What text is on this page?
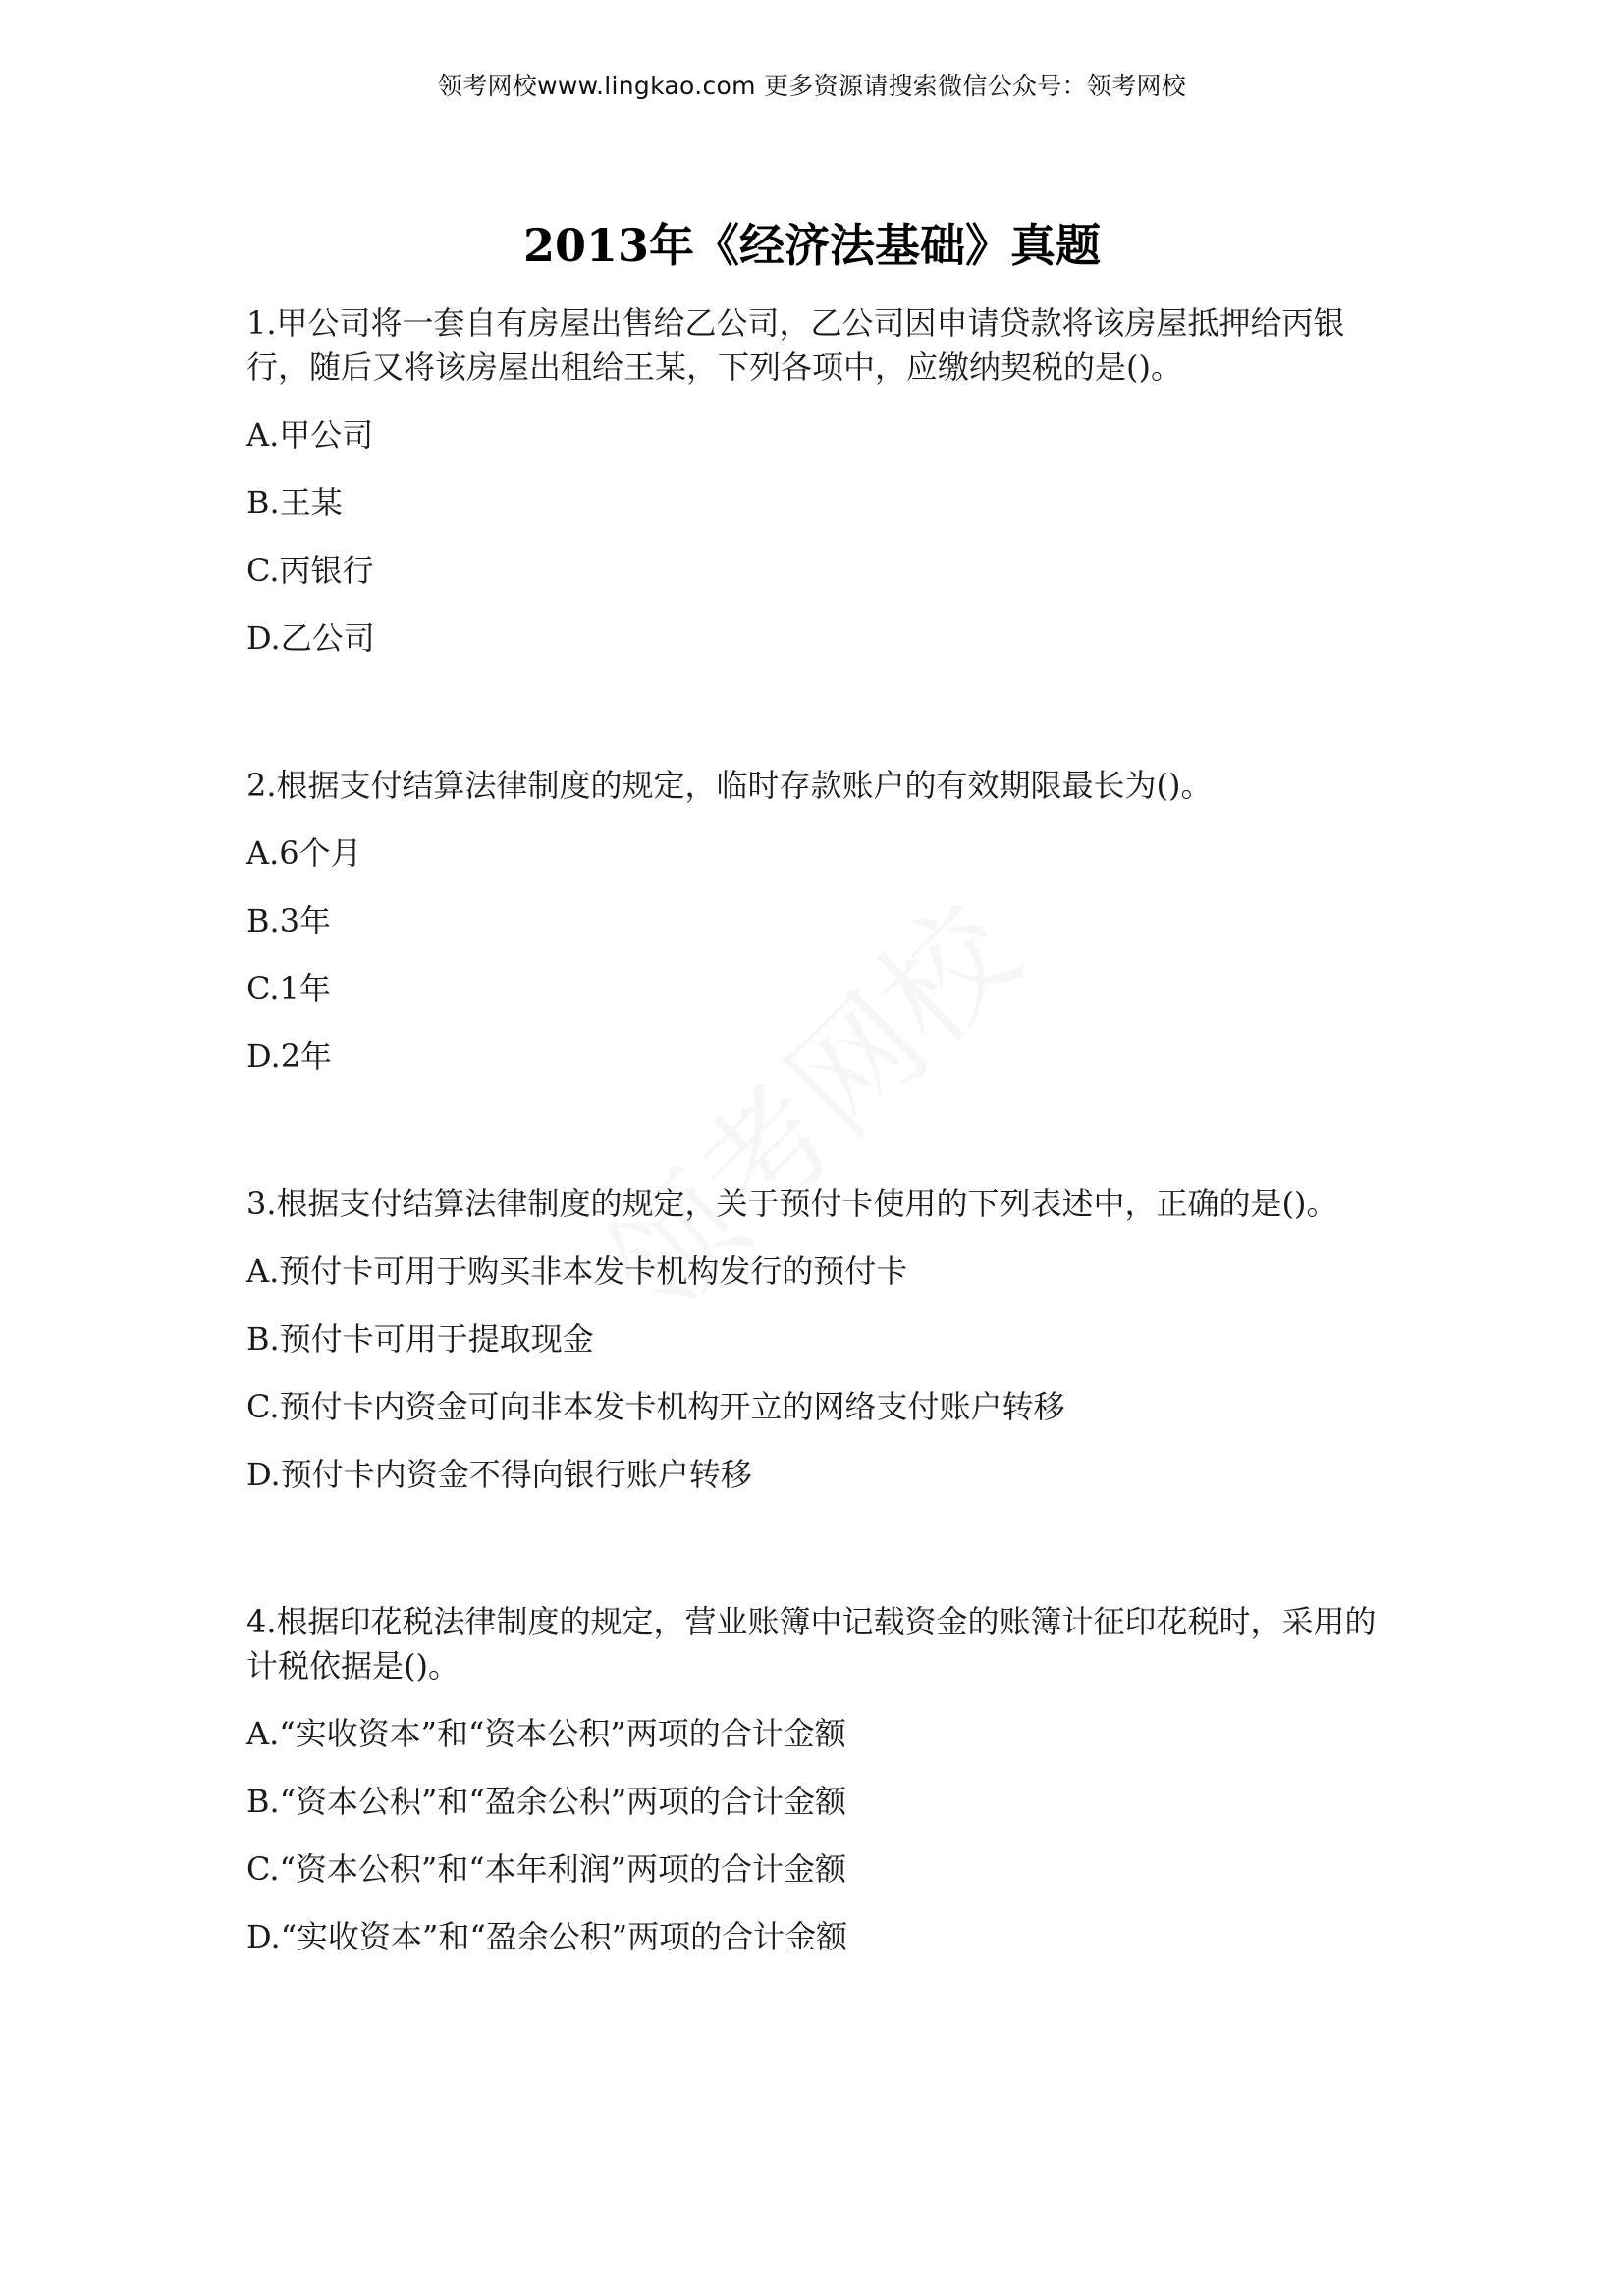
领考网校www.lingkao.com 更多资源请搜索微信公众号：领考网校
2013年《经济法基础》真题

1.甲公司将一套自有房屋出售给乙公司，乙公司因申请贷款将该房屋抵押给丙银行，随后又将该房屋出租给王某，下列各项中，应缴纳契税的是()。

A.甲公司
B.王某
C.丙银行
D.乙公司

2.根据支付结算法律制度的规定，临时存款账户的有效期限最长为()。

A.6个月
B.3年
C.1年
D.2年

3.根据支付结算法律制度的规定，关于预付卡使用的下列表述中，正确的是()。

A.预付卡可用于购买非本发卡机构发行的预付卡
B.预付卡可用于提取现金
C.预付卡内资金可向非本发卡机构开立的网络支付账户转移
D.预付卡内资金不得向银行账户转移

4.根据印花税法律制度的规定，营业账簿中记载资金的账簿计征印花税时，采用的计税依据是()。

A.“实收资本”和“资本公积”两项的合计金额
B.“资本公积”和“盈余公积”两项的合计金额
C.“资本公积”和“本年利润”两项的合计金额
D.“实收资本”和“盈余公积”两项的合计金额
